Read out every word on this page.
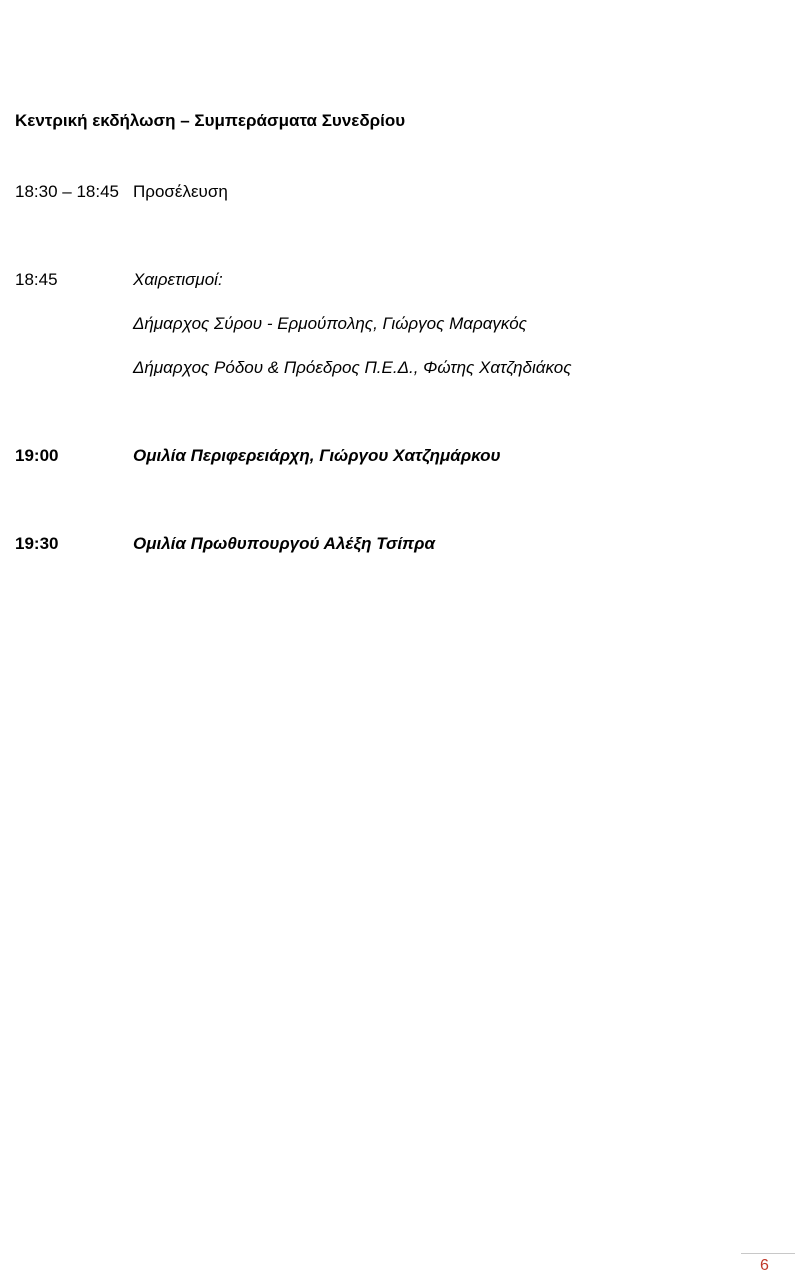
Κεντρική εκδήλωση – Συμπεράσματα Συνεδρίου
18:30 – 18:45 Προσέλευση
18:45	Χαιρετισμοί:
Δήμαρχος Σύρου - Ερμούπολης, Γιώργος Μαραγκός
Δήμαρχος Ρόδου & Πρόεδρος Π.Ε.Δ., Φώτης Χατζηδιάκος
19:00	Ομιλία Περιφερειάρχη, Γιώργου Χατζημάρκου
19:30	Ομιλία Πρωθυπουργού Αλέξη Τσίπρα
6
